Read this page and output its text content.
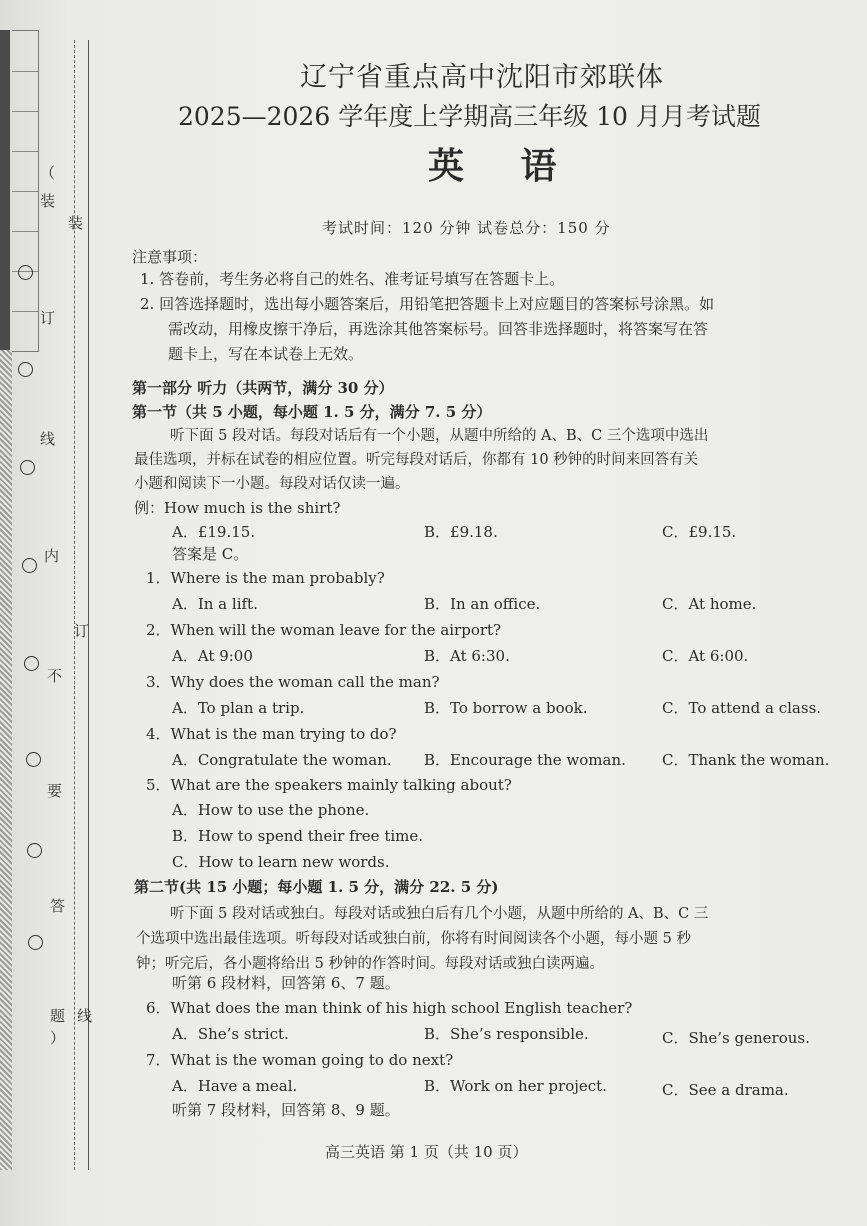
（
装
订
线
内
不
要
答
题
）
装
订
线
辽宁省重点高中沈阳市郊联体
2025—2026 学年度上学期高三年级 10 月月考试题
英 语
考试时间：120 分钟 试卷总分：150 分
注意事项：
1. 答卷前，考生务必将自己的姓名、准考证号填写在答题卡上。
2. 回答选择题时，选出每小题答案后，用铅笔把答题卡上对应题目的答案标号涂黑。如
需改动，用橡皮擦干净后，再选涂其他答案标号。回答非选择题时，将答案写在答
题卡上，写在本试卷上无效。
第一部分 听力（共两节，满分 30 分）
第一节（共 5 小题，每小题 1. 5 分，满分 7. 5 分）
听下面 5 段对话。每段对话后有一个小题，从题中所给的 A、B、C 三个选项中选出
最佳选项，并标在试卷的相应位置。听完每段对话后，你都有 10 秒钟的时间来回答有关
小题和阅读下一小题。每段对话仅读一遍。
例：How much is the shirt?
A．£19.15.	B．£9.18.	C．£9.15.
答案是 C。
1．Where is the man probably?
A．In a lift.	B．In an office.	C．At home.
2．When will the woman leave for the airport?
A．At 9:00	B．At 6:30.	C．At 6:00.
3．Why does the woman call the man?
A．To plan a trip.	B．To borrow a book.	C．To attend a class.
4．What is the man trying to do?
A．Congratulate the woman. B．Encourage the woman. C．Thank the woman.
5．What are the speakers mainly talking about?
A．How to use the phone.
B．How to spend their free time.
C．How to learn new words.
第二节(共 15 小题；每小题 1. 5 分，满分 22. 5 分)
听下面 5 段对话或独白。每段对话或独白后有几个小题，从题中所给的 A、B、C 三
个选项中选出最佳选项。听每段对话或独白前，你将有时间阅读各个小题，每小题 5 秒
钟；听完后，各小题将给出 5 秒钟的作答时间。每段对话或独白读两遍。
听第 6 段材料，回答第 6、7 题。
6．What does the man think of his high school English teacher?
A．She’s strict.	B．She’s responsible.	C．She’s generous.
7．What is the woman going to do next?
A．Have a meal.	B．Work on her project.	C．See a drama.
听第 7 段材料，回答第 8、9 题。
高三英语 第 1 页（共 10 页）
